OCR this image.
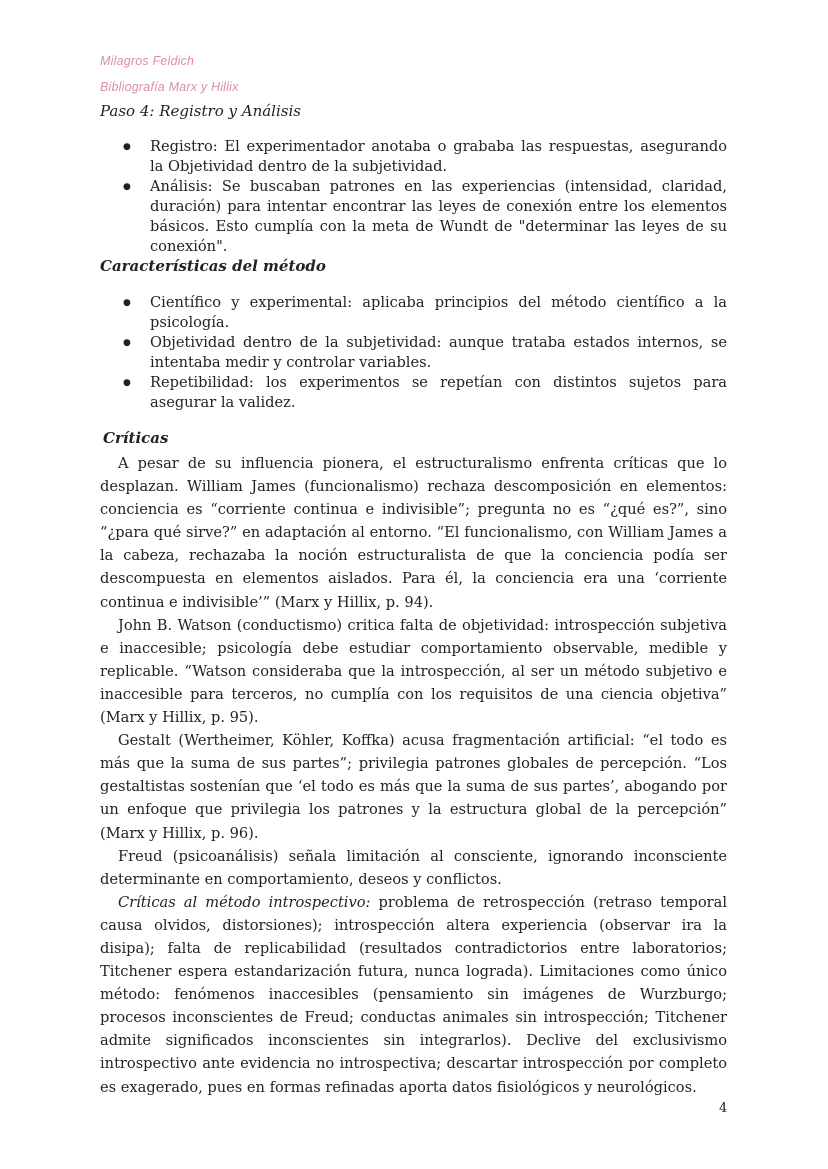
Milagros Feldich
Bibliografía Marx y Hillix
Paso 4: Registro y Análisis
● Registro: El experimentador anotaba o grababa las respuestas, asegurando la Objetividad dentro de la subjetividad.
● Análisis: Se buscaban patrones en las experiencias (intensidad, claridad, duración) para intentar encontrar las leyes de conexión entre los elementos básicos. Esto cumplía con la meta de Wundt de "determinar las leyes de su conexión".
Características del método
● Científico y experimental: aplicaba principios del método científico a la psicología.
● Objetividad dentro de la subjetividad: aunque trataba estados internos, se intentaba medir y controlar variables.
● Repetibilidad: los experimentos se repetían con distintos sujetos para asegurar la validez.
Críticas

A pesar de su influencia pionera, el estructuralismo enfrenta críticas que lo desplazan. William James (funcionalismo) rechaza descomposición en elementos: conciencia es “corriente continua e indivisible”; pregunta no es “¿qué es?”, sino “¿para qué sirve?” en adaptación al entorno. “El funcionalismo, con William James a la cabeza, rechazaba la noción estructuralista de que la conciencia podía ser descompuesta en elementos aislados. Para él, la conciencia era una ‘corriente continua e indivisible’” (Marx y Hillix, p. 94).

John B. Watson (conductismo) critica falta de objetividad: introspección subjetiva e inaccesible; psicología debe estudiar comportamiento observable, medible y replicable. “Watson consideraba que la introspección, al ser un método subjetivo e inaccesible para terceros, no cumplía con los requisitos de una ciencia objetiva” (Marx y Hillix, p. 95).

Gestalt (Wertheimer, Köhler, Koffka) acusa fragmentación artificial: “el todo es más que la suma de sus partes”; privilegia patrones globales de percepción. “Los gestaltistas sostenían que ‘el todo es más que la suma de sus partes’, abogando por un enfoque que privilegia los patrones y la estructura global de la percepción” (Marx y Hillix, p. 96).

Freud (psicoanálisis) señala limitación al consciente, ignorando inconsciente determinante en comportamiento, deseos y conflictos.

Críticas al método introspectivo: problema de retrospección (retraso temporal causa olvidos, distorsiones); introspección altera experiencia (observar ira la disipa); falta de replicabilidad (resultados contradictorios entre laboratorios; Titchener espera estandarización futura, nunca lograda). Limitaciones como único método: fenómenos inaccesibles (pensamiento sin imágenes de Wurzburgo; procesos inconscientes de Freud; conductas animales sin introspección; Titchener admite significados inconscientes sin integrarlos). Declive del exclusivismo introspectivo ante evidencia no introspectiva; descartar introspección por completo es exagerado, pues en formas refinadas aporta datos fisiológicos y neurológicos.

4
